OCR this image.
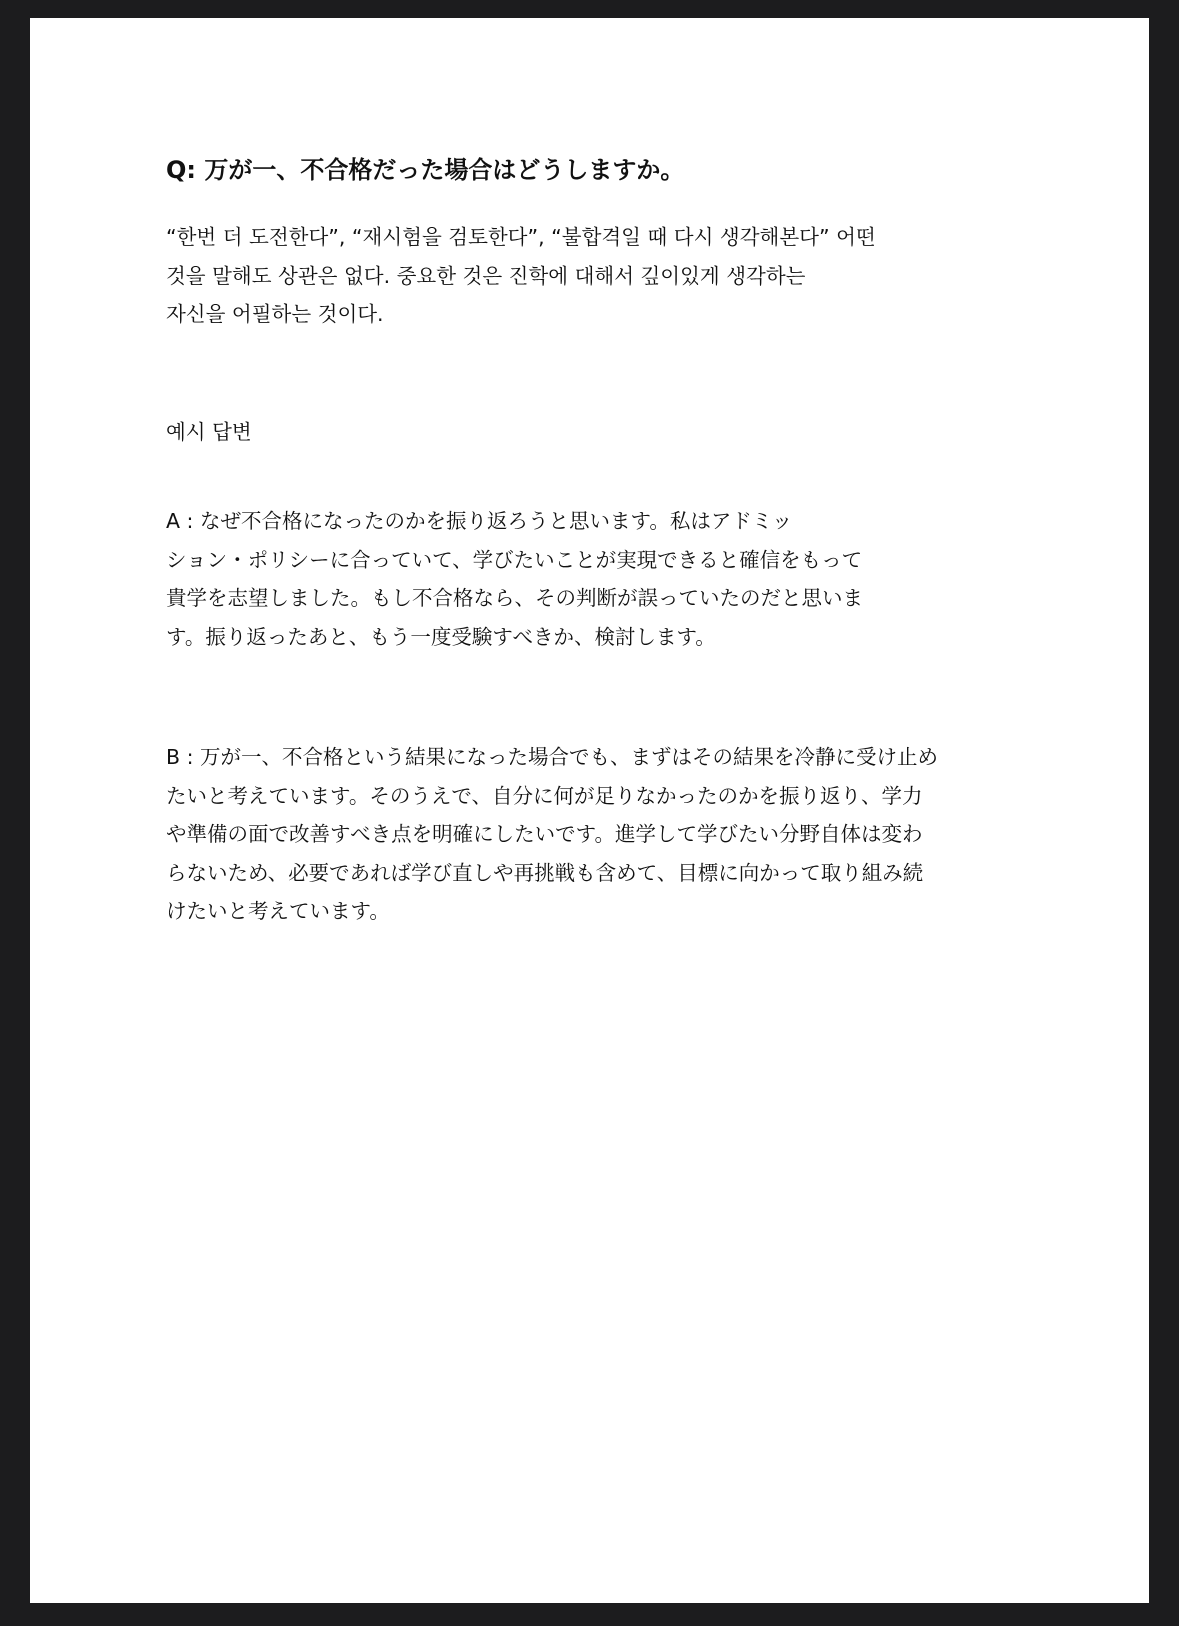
Q: 万が一、不合格だった場合はどうしますか。
“한번 더 도전한다”, “재시험을 검토한다”, “불합격일 때 다시 생각해본다” 어떤
것을 말해도 상관은 없다. 중요한 것은 진학에 대해서 깊이있게 생각하는
자신을 어필하는 것이다.
예시 답변
A : なぜ不合格になったのかを振り返ろうと思います。私はアドミッ
ション・ポリシーに合っていて、学びたいことが実現できると確信をもって
貴学を志望しました。もし不合格なら、その判断が誤っていたのだと思いま
す。振り返ったあと、もう一度受験すべきか、検討します。
B : 万が一、不合格という結果になった場合でも、まずはその結果を冷静に受け止め
たいと考えています。そのうえで、自分に何が足りなかったのかを振り返り、学力
や準備の面で改善すべき点を明確にしたいです。進学して学びたい分野自体は変わ
らないため、必要であれば学び直しや再挑戦も含めて、目標に向かって取り組み続
けたいと考えています。
